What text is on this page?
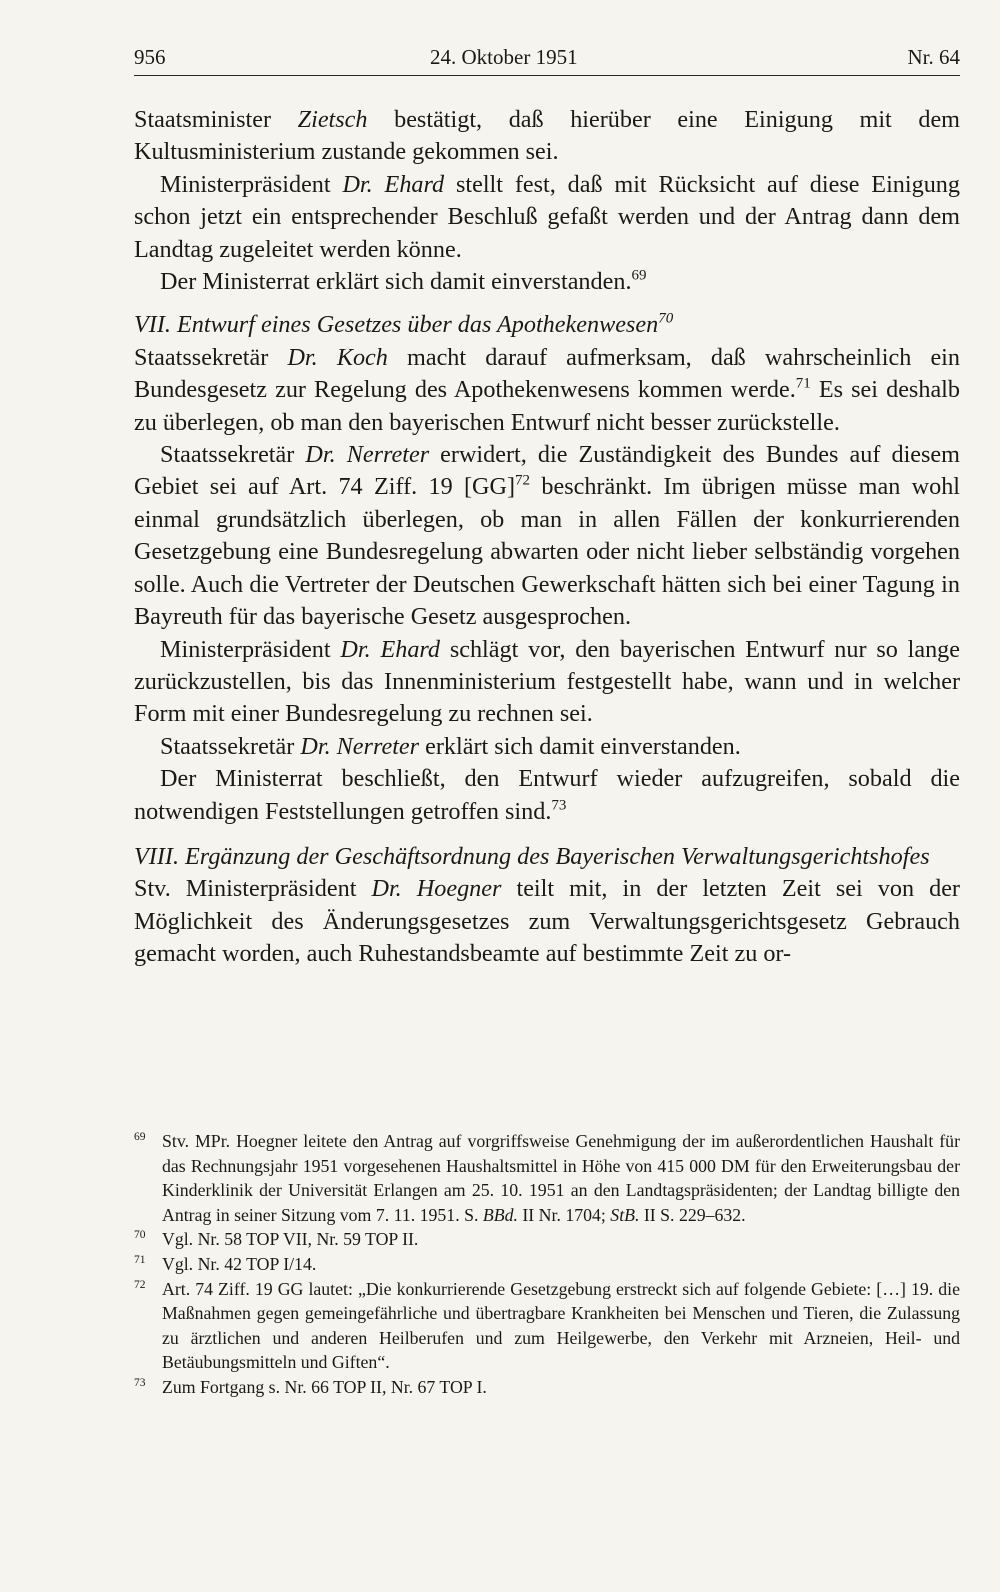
956	24. Oktober 1951	Nr. 64

Staatsminister Zietsch bestätigt, daß hierüber eine Einigung mit dem Kultusministerium zustande gekommen sei.

Ministerpräsident Dr. Ehard stellt fest, daß mit Rücksicht auf diese Einigung schon jetzt ein entsprechender Beschluß gefaßt werden und der Antrag dann dem Landtag zugeleitet werden könne.

Der Ministerrat erklärt sich damit einverstanden.$^{69}$

VII. Entwurf eines Gesetzes über das Apothekenwesen$^{70}$

Staatssekretär Dr. Koch macht darauf aufmerksam, daß wahrscheinlich ein Bundesgesetz zur Regelung des Apothekenwesens kommen werde.$^{71}$ Es sei deshalb zu überlegen, ob man den bayerischen Entwurf nicht besser zurückstelle.

Staatssekretär Dr. Nerreter erwidert, die Zuständigkeit des Bundes auf diesem Gebiet sei auf Art. 74 Ziff. 19 [GG]$^{72}$ beschränkt. Im übrigen müsse man wohl einmal grundsätzlich überlegen, ob man in allen Fällen der konkurrierenden Gesetzgebung eine Bundesregelung abwarten oder nicht lieber selbständig vorgehen solle. Auch die Vertreter der Deutschen Gewerkschaft hätten sich bei einer Tagung in Bayreuth für das bayerische Gesetz ausgesprochen.

Ministerpräsident Dr. Ehard schlägt vor, den bayerischen Entwurf nur so lange zurückzustellen, bis das Innenministerium festgestellt habe, wann und in welcher Form mit einer Bundesregelung zu rechnen sei.

Staatssekretär Dr. Nerreter erklärt sich damit einverstanden.

Der Ministerrat beschließt, den Entwurf wieder aufzugreifen, sobald die notwendigen Feststellungen getroffen sind.$^{73}$

VIII. Ergänzung der Geschäftsordnung des Bayerischen Verwaltungsgerichtshofes

Stv. Ministerpräsident Dr. Hoegner teilt mit, in der letzten Zeit sei von der Möglichkeit des Änderungsgesetzes zum Verwaltungsgerichtsgesetz Gebrauch gemacht worden, auch Ruhestandsbeamte auf bestimmte Zeit zu or-

69 Stv. MPr. Hoegner leitete den Antrag auf vorgriffsweise Genehmigung der im außerordentlichen Haushalt für das Rechnungsjahr 1951 vorgesehenen Haushaltsmittel in Höhe von 415 000 DM für den Erweiterungsbau der Kinderklinik der Universität Erlangen am 25. 10. 1951 an den Landtagspräsidenten; der Landtag billigte den Antrag in seiner Sitzung vom 7. 11. 1951. S. BBd. II Nr. 1704; StB. II S. 229–632.
70 Vgl. Nr. 58 TOP VII, Nr. 59 TOP II.
71 Vgl. Nr. 42 TOP I/14.
72 Art. 74 Ziff. 19 GG lautet: „Die konkurrierende Gesetzgebung erstreckt sich auf folgende Gebiete: […] 19. die Maßnahmen gegen gemeingefährliche und übertragbare Krankheiten bei Menschen und Tieren, die Zulassung zu ärztlichen und anderen Heilberufen und zum Heilgewerbe, den Verkehr mit Arzneien, Heil- und Betäubungsmitteln und Giften“.
73 Zum Fortgang s. Nr. 66 TOP II, Nr. 67 TOP I.
